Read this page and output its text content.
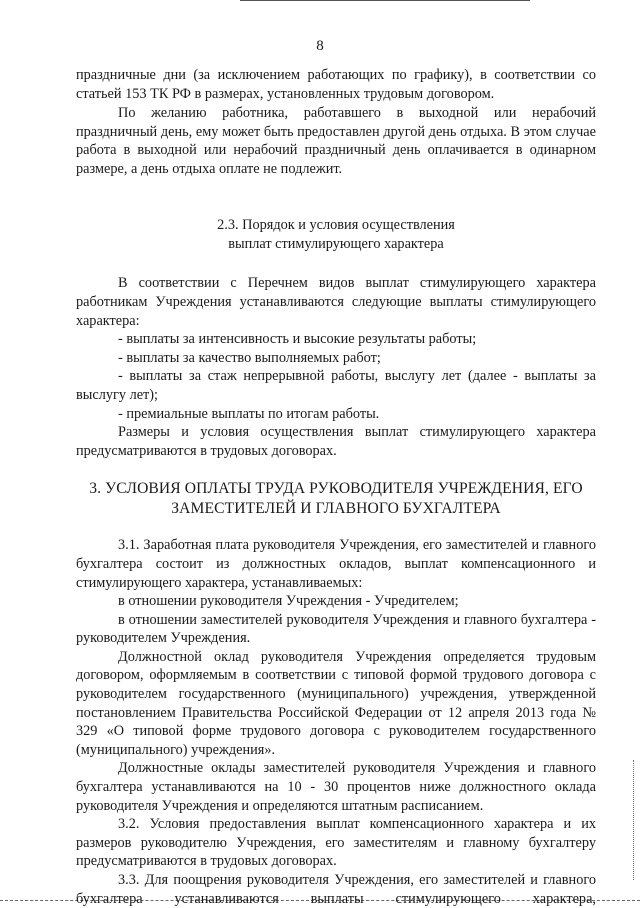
8

праздничные дни (за исключением работающих по графику), в соответствии со статьей 153 ТК РФ в размерах, установленных трудовым договором.

По желанию работника, работавшего в выходной или нерабочий праздничный день, ему может быть предоставлен другой день отдыха. В этом случае работа в выходной или нерабочий праздничный день оплачивается в одинарном размере, а день отдыха оплате не подлежит.

2.3. Порядок и условия осуществления

выплат стимулирующего характера

В соответствии с Перечнем видов выплат стимулирующего характера работникам Учреждения устанавливаются следующие выплаты стимулирующего характера:

- выплаты за интенсивность и высокие результаты работы;

- выплаты за качество выполняемых работ;

- выплаты за стаж непрерывной работы, выслугу лет (далее - выплаты за выслугу лет);

- премиальные выплаты по итогам работы.

Размеры и условия осуществления выплат стимулирующего характера предусматриваются в трудовых договорах.

3. УСЛОВИЯ ОПЛАТЫ ТРУДА РУКОВОДИТЕЛЯ УЧРЕЖДЕНИЯ, ЕГО

ЗАМЕСТИТЕЛЕЙ И ГЛАВНОГО БУХГАЛТЕРА

3.1. Заработная плата руководителя Учреждения, его заместителей и главного бухгалтера состоит из должностных окладов, выплат компенсационного и стимулирующего характера, устанавливаемых:

в отношении руководителя Учреждения - Учредителем;

в отношении заместителей руководителя Учреждения и главного бухгалтера - руководителем Учреждения.

Должностной оклад руководителя Учреждения определяется трудовым договором, оформляемым в соответствии с типовой формой трудового договора с руководителем государственного (муниципального) учреждения, утвержденной постановлением Правительства Российской Федерации от 12 апреля 2013 года № 329 «О типовой форме трудового договора с руководителем государственного (муниципального) учреждения».

Должностные оклады заместителей руководителя Учреждения и главного бухгалтера устанавливаются на 10 - 30 процентов ниже должностного оклада руководителя Учреждения и определяются штатным расписанием.

3.2. Условия предоставления выплат компенсационного характера и их размеров руководителю Учреждения, его заместителям и главному бухгалтеру предусматриваются в трудовых договорах.

3.3. Для поощрения руководителя Учреждения, его заместителей и главного бухгалтера устанавливаются выплаты стимулирующего характера,
